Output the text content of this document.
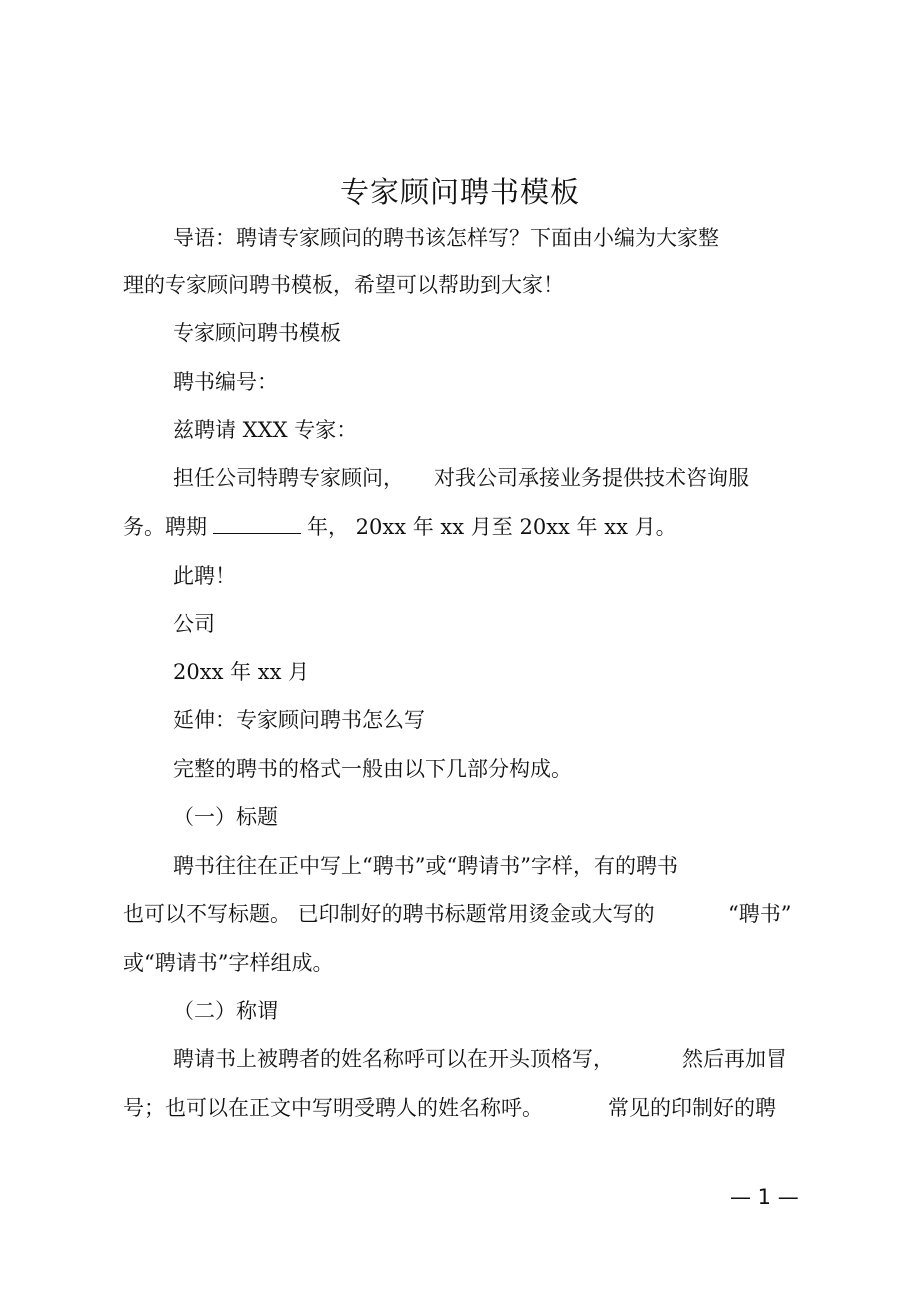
专家顾问聘书模板
导语：聘请专家顾问的聘书该怎样写？下面由小编为大家整
理的专家顾问聘书模板，希望可以帮助到大家！
专家顾问聘书模板
聘书编号：
兹聘请 XXX 专家：
担任公司特聘专家顾问， 对我公司承接业务提供技术咨询服
务。聘期	年， 20xx 年 xx 月至 20xx 年 xx 月。
此聘！
公司
20xx 年 xx 月
延伸：专家顾问聘书怎么写
完整的聘书的格式一般由以下几部分构成。
（一）标题
聘书往往在正中写上“聘书”或“聘请书”字样，有的聘书
也可以不写标题。 已印制好的聘书标题常用烫金或大写的	“聘书”
或“聘请书”字样组成。
（二）称谓
聘请书上被聘者的姓名称呼可以在开头顶格写，	然后再加冒
号；也可以在正文中写明受聘人的姓名称呼。	常见的印制好的聘
— 1 —
